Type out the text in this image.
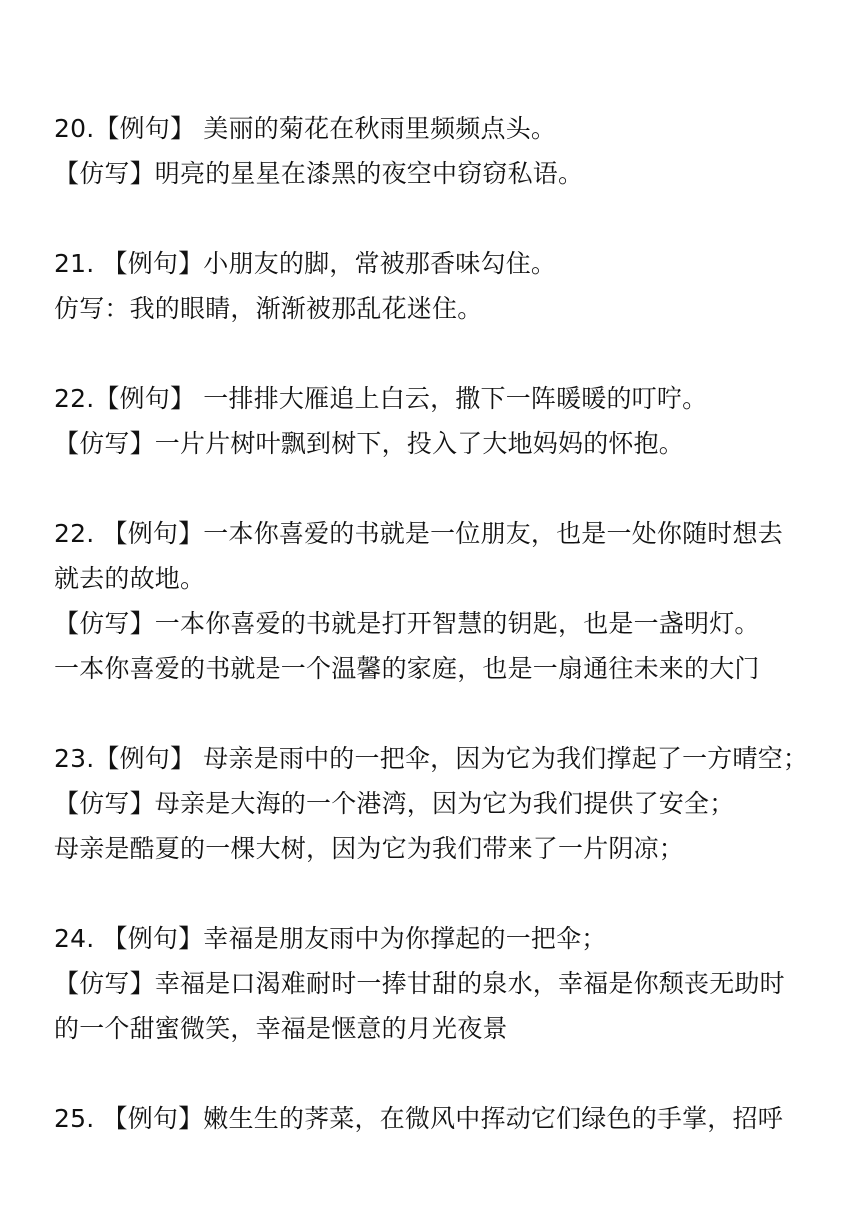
20.【例句】 美丽的菊花在秋雨里频频点头。
【仿写】明亮的星星在漆黑的夜空中窃窃私语。
21. 【例句】小朋友的脚，常被那香味勾住。
仿写：我的眼睛，渐渐被那乱花迷住。
22.【例句】 一排排大雁追上白云，撒下一阵暖暖的叮咛。
【仿写】一片片树叶飘到树下，投入了大地妈妈的怀抱。
22. 【例句】一本你喜爱的书就是一位朋友，也是一处你随时想去
就去的故地。
【仿写】一本你喜爱的书就是打开智慧的钥匙，也是一盏明灯。
一本你喜爱的书就是一个温馨的家庭，也是一扇通往未来的大门
23.【例句】 母亲是雨中的一把伞，因为它为我们撑起了一方晴空；
【仿写】母亲是大海的一个港湾，因为它为我们提供了安全；
母亲是酷夏的一棵大树，因为它为我们带来了一片阴凉；
24. 【例句】幸福是朋友雨中为你撑起的一把伞；
【仿写】幸福是口渴难耐时一捧甘甜的泉水，幸福是你颓丧无助时
的一个甜蜜微笑，幸福是惬意的月光夜景
25. 【例句】嫩生生的荠菜，在微风中挥动它们绿色的手掌，招呼
